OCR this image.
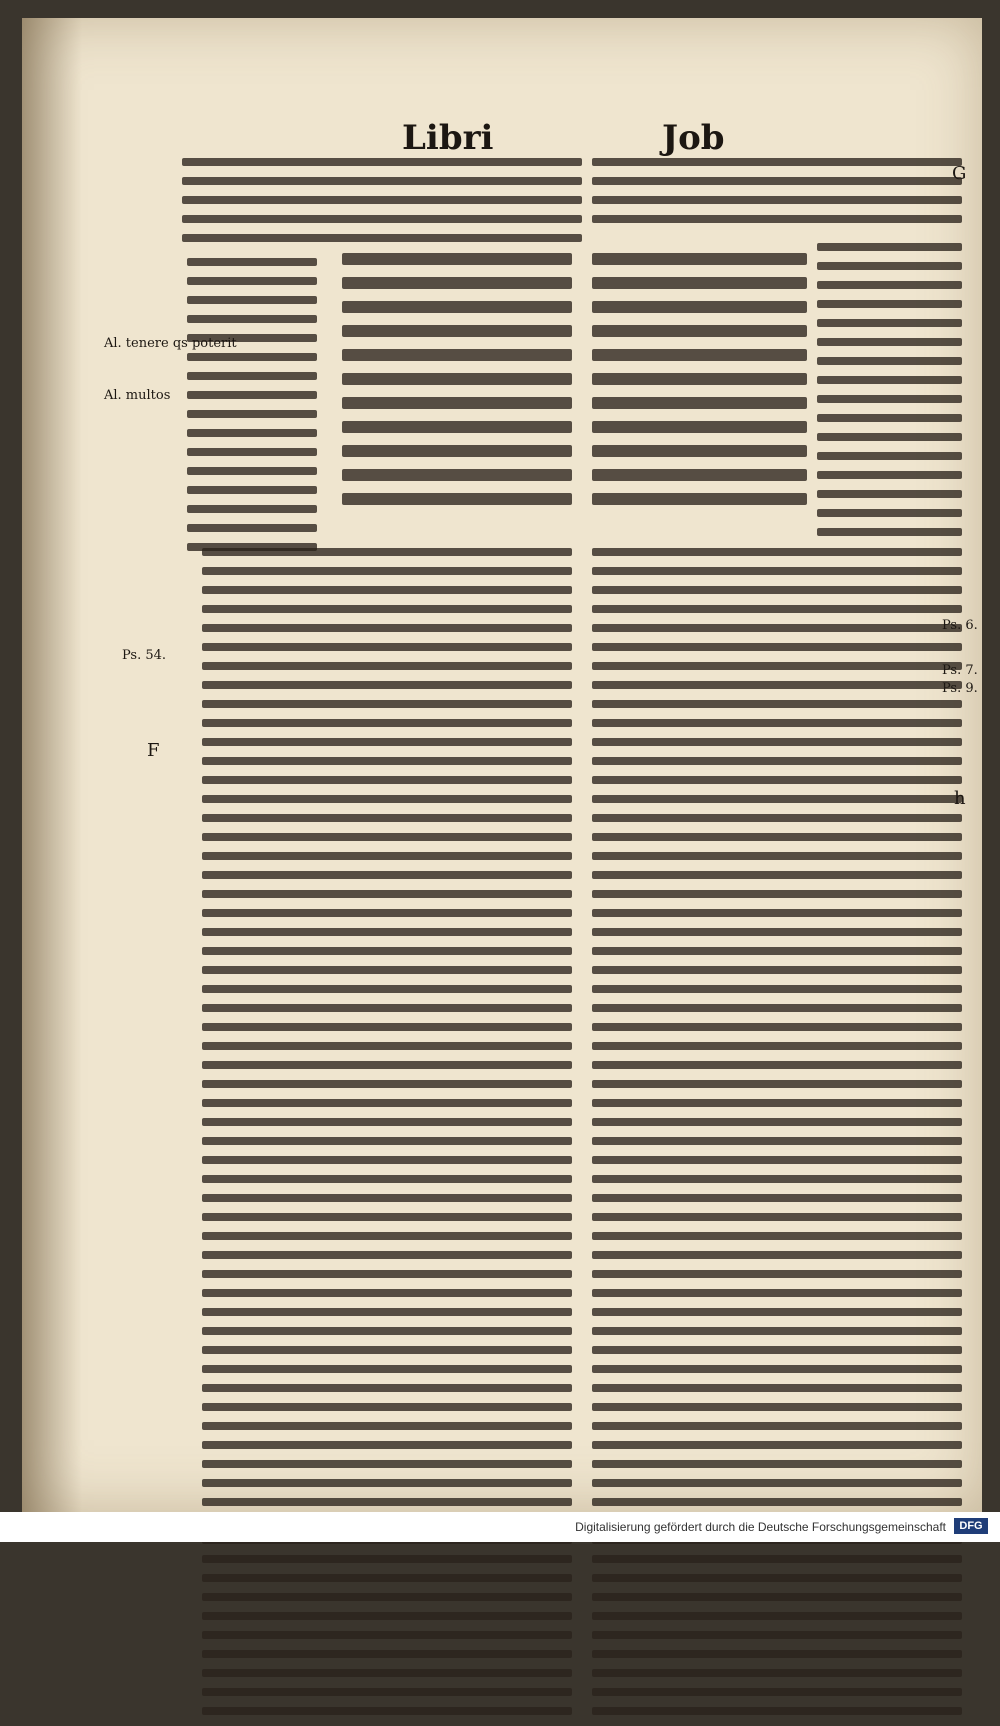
Libri	Job
Al. tenere qs poterit
Al. multos
Ps. 54.
F
G
Ps. 6.
Ps. 7.
Ps. 9.
h
Digitalisierung gefördert durch die Deutsche Forschungsgemeinschaft	DFG
